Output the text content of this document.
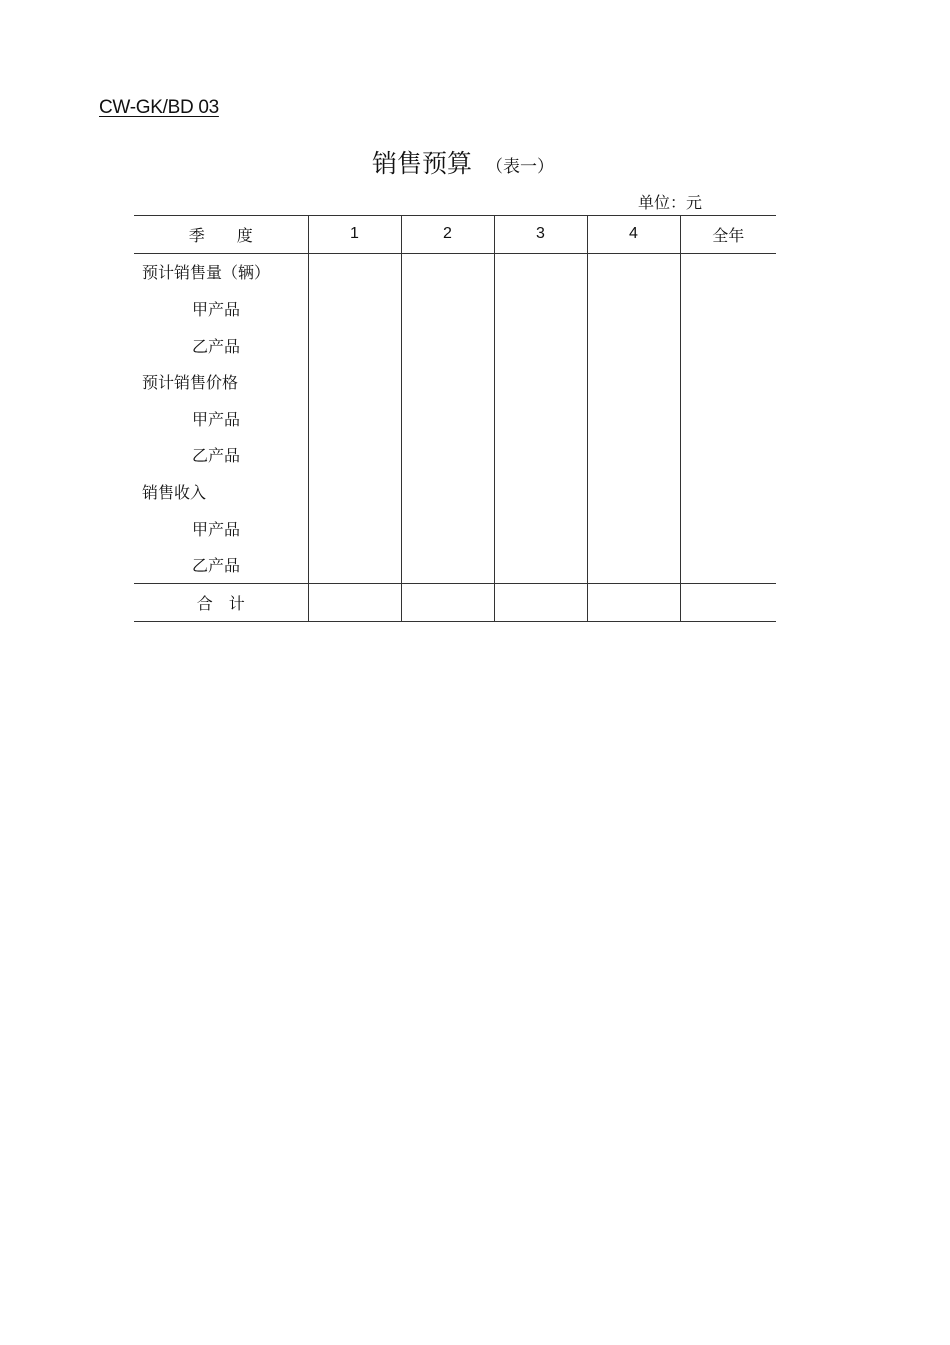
CW-GK/BD 03
销售预算 （表一）
单位：元
季　　度	1	2	3	4	全年
预计销售量（辆）					
甲产品					
乙产品					
预计销售价格					
甲产品					
乙产品					
销售收入					
甲产品					
乙产品					
合　计					
